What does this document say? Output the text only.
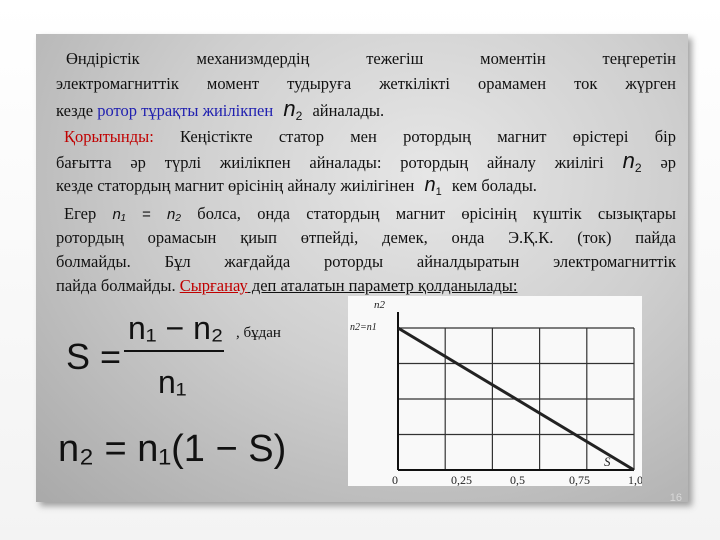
Өндірістік механизмдердің тежегіш моментін теңгеретін
электромагниттік момент тудыруға жеткілікті орамамен ток жүрген
кезде ротор тұрақты жиілікпен $n_2$ айналады.
Қорытынды: Кеңістікте статор мен ротордың магнит өрістері бір
бағытта әр түрлі жиілікпен айналады: ротордың айналу жиілігі $n_2$ әр
кезде статордың магнит өрісінің айналу жиілігінен $n_1$ кем болады.
Егер n₁ = n₂ болса, онда статордың магнит өрісінің күштік сызықтары
ротордың орамасын қиып өтпейді, демек, онда Э.Қ.К. (ток) пайда
болмайды. Бұл жағдайда роторды айналдыратын электромагниттік
пайда болмайды. Сырғанау деп аталатын параметр қолданылады:
S =
n₁ − n₂
n₁
, бұдан
n₂ = n₁(1 − S)
0	0,25	0,5	0,75	1,0
n2
n2=n1
S
16
